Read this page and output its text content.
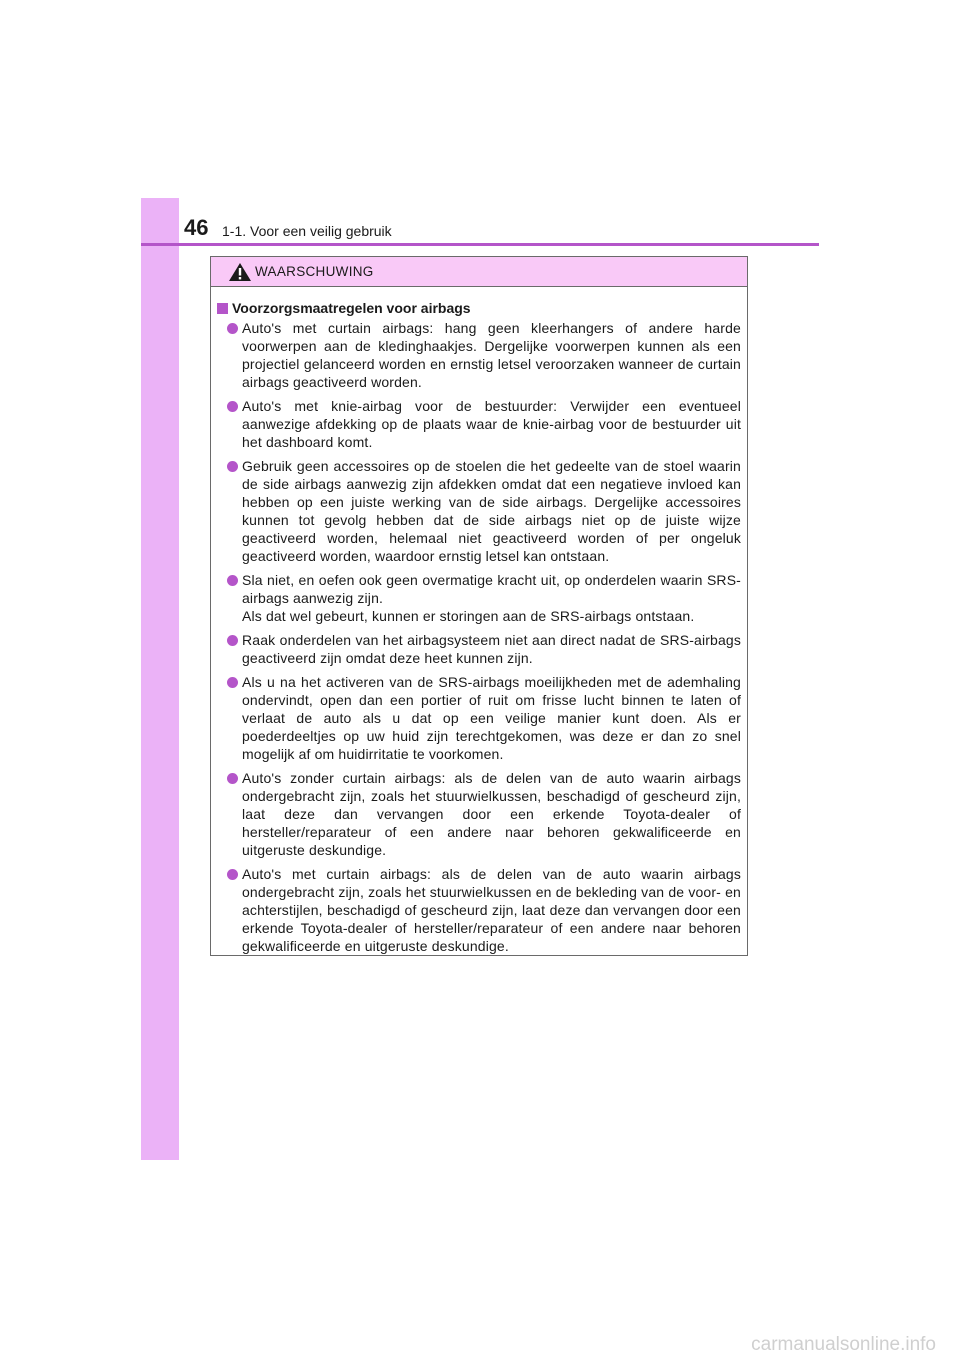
46 1-1. Voor een veilig gebruik
WAARSCHUWING
Voorzorgsmaatregelen voor airbags

Auto's met curtain airbags: hang geen kleerhangers of andere harde voorwerpen aan de kledinghaakjes. Dergelijke voorwerpen kunnen als een projectiel gelanceerd worden en ernstig letsel veroorzaken wanneer de curtain airbags geactiveerd worden.

Auto's met knie-airbag voor de bestuurder: Verwijder een eventueel aanwezige afdekking op de plaats waar de knie-airbag voor de bestuurder uit het dashboard komt.

Gebruik geen accessoires op de stoelen die het gedeelte van de stoel waarin de side airbags aanwezig zijn afdekken omdat dat een negatieve invloed kan hebben op een juiste werking van de side airbags. Dergelijke accessoires kunnen tot gevolg hebben dat de side airbags niet op de juiste wijze geactiveerd worden, helemaal niet geactiveerd worden of per ongeluk geactiveerd worden, waardoor ernstig letsel kan ontstaan.

Sla niet, en oefen ook geen overmatige kracht uit, op onderdelen waarin SRS-airbags aanwezig zijn.

Als dat wel gebeurt, kunnen er storingen aan de SRS-airbags ontstaan.

Raak onderdelen van het airbagsysteem niet aan direct nadat de SRS-airbags geactiveerd zijn omdat deze heet kunnen zijn.

Als u na het activeren van de SRS-airbags moeilijkheden met de ademhaling ondervindt, open dan een portier of ruit om frisse lucht binnen te laten of verlaat de auto als u dat op een veilige manier kunt doen. Als er poederdeeltjes op uw huid zijn terechtgekomen, was deze er dan zo snel mogelijk af om huidirritatie te voorkomen.

Auto's zonder curtain airbags: als de delen van de auto waarin airbags ondergebracht zijn, zoals het stuurwielkussen, beschadigd of gescheurd zijn, laat deze dan vervangen door een erkende Toyota-dealer of hersteller/reparateur of een andere naar behoren gekwalificeerde en uitgeruste deskundige.

Auto's met curtain airbags: als de delen van de auto waarin airbags ondergebracht zijn, zoals het stuurwielkussen en de bekleding van de voor- en achterstijlen, beschadigd of gescheurd zijn, laat deze dan vervangen door een erkende Toyota-dealer of hersteller/reparateur of een andere naar behoren gekwalificeerde en uitgeruste deskundige.

carmanualsonline.info
